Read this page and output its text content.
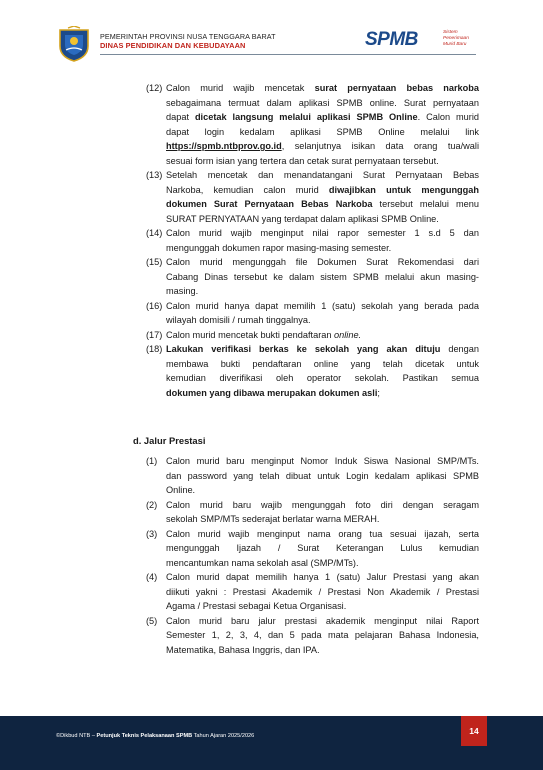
PEMERINTAH PROVINSI NUSA TENGGARA BARAT
DINAS PENDIDIKAN DAN KEBUDAYAAN	SPMB	Sistem
Penerimaan
Murid Baru
(12) Calon murid wajib mencetak surat pernyataan bebas narkoba
sebagaimana termuat dalam aplikasi SPMB online. Surat pernyataan
dapat dicetak langsung melalui aplikasi SPMB Online. Calon murid
dapat login kedalam aplikasi SPMB Online melalui link
https://spmb.ntbprov.go.id, selanjutnya isikan data orang tua/wali
sesuai form isian yang tertera dan cetak surat pernyataan tersebut.
(13) Setelah mencetak dan menandatangani Surat Pernyataan Bebas
Narkoba, kemudian calon murid diwajibkan untuk mengunggah
dokumen Surat Pernyataan Bebas Narkoba tersebut melalui menu
SURAT PERNYATAAN yang terdapat dalam aplikasi SPMB Online.
(14) Calon murid wajib menginput nilai rapor semester 1 s.d 5 dan
mengunggah dokumen rapor masing-masing semester.
(15) Calon murid mengunggah file Dokumen Surat Rekomendasi dari
Cabang Dinas tersebut ke dalam sistem SPMB melalui akun masing-
masing.
(16) Calon murid hanya dapat memilih 1 (satu) sekolah yang berada pada
wilayah domisili / rumah tinggalnya.
(17) Calon murid mencetak bukti pendaftaran online.
(18) Lakukan verifikasi berkas ke sekolah yang akan dituju dengan
membawa bukti pendaftaran online yang telah dicetak untuk
kemudian diverifikasi oleh operator sekolah. Pastikan semua
dokumen yang dibawa merupakan dokumen asli;
d. Jalur Prestasi
(1) Calon murid baru menginput Nomor Induk Siswa Nasional SMP/MTs.
dan password yang telah dibuat untuk Login kedalam aplikasi SPMB
Online.
(2) Calon murid baru wajib mengunggah foto diri dengan seragam
sekolah SMP/MTs sederajat berlatar warna MERAH.
(3) Calon murid wajib menginput nama orang tua sesuai ijazah, serta
mengunggah Ijazah / Surat Keterangan Lulus kemudian
mencantumkan nama sekolah asal (SMP/MTs).
(4) Calon murid dapat memilih hanya 1 (satu) Jalur Prestasi yang akan
diikuti yakni : Prestasi Akademik / Prestasi Non Akademik / Prestasi
Agama / Prestasi sebagai Ketua Organisasi.
(5) Calon murid baru jalur prestasi akademik menginput nilai Raport
Semester 1, 2, 3, 4, dan 5 pada mata pelajaran Bahasa Indonesia,
Matematika, Bahasa Inggris, dan IPA.
©Dikbud NTB – Petunjuk Teknis Pelaksanaan SPMB Tahun Ajaran 2025/2026	14
